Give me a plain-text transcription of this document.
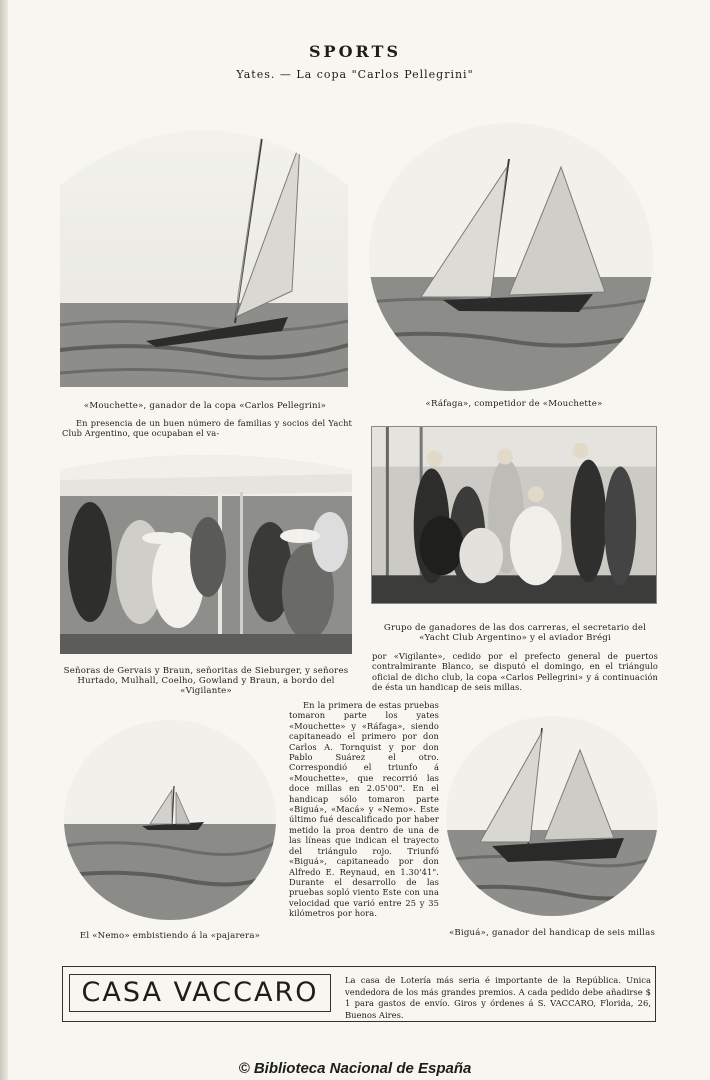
SPORTS
Yates. — La copa "Carlos Pellegrini"
«Mouchette», ganador de la copa «Carlos Pellegrini»	«Ráfaga», competidor de «Mouchette»
En presencia de un buen número de familias y socios del Yacht Club Argentino, que ocupaban el va-
Señoras de Gervais y Braun, señoritas de Sieburger, y señores Hurtado, Mulhall, Coelho, Gowland y Braun, a bordo del «Vigilante»
Grupo de ganadores de las dos carreras, el secretario del «Yacht Club Argentino» y el aviador Brégi
por «Vigilante», cedido por el prefecto general de puertos contralmirante Blanco, se disputó el domingo, en el triángulo oficial de dicho club, la copa «Carlos Pellegrini» y á continuación de ésta un handicap de seis millas.
El «Nemo» embistiendo á la «pajarera»
En la primera de estas pruebas tomaron parte los yates «Mouchette» y «Ráfaga», siendo capitaneado el primero por don Carlos A. Tornquist y por don Pablo Suárez el otro. Correspondió el triunfo á «Mouchette», que recorrió las doce millas en 2.05'00". En el handicap sólo tomaron parte «Biguá», «Macá» y «Nemo». Este último fué descalificado por haber metido la proa dentro de una de las líneas que indican el trayecto del triángulo rojo. Triunfó «Biguá», capitaneado por don Alfredo E. Reynaud, en 1.30'41". Durante el desarrollo de las pruebas sopló viento Este con una velocidad que varió entre 25 y 35 kilómetros por hora.
«Biguá», ganador del handicap de seis millas
CASA VACCARO	La casa de Lotería más seria é importante de la República. Unica vendedora de los más grandes premios. A cada pedido debe añadirse $ 1 para gastos de envío. Giros y órdenes á S. VACCARO, Florida, 26, Buenos Aires.
© Biblioteca Nacional de España
